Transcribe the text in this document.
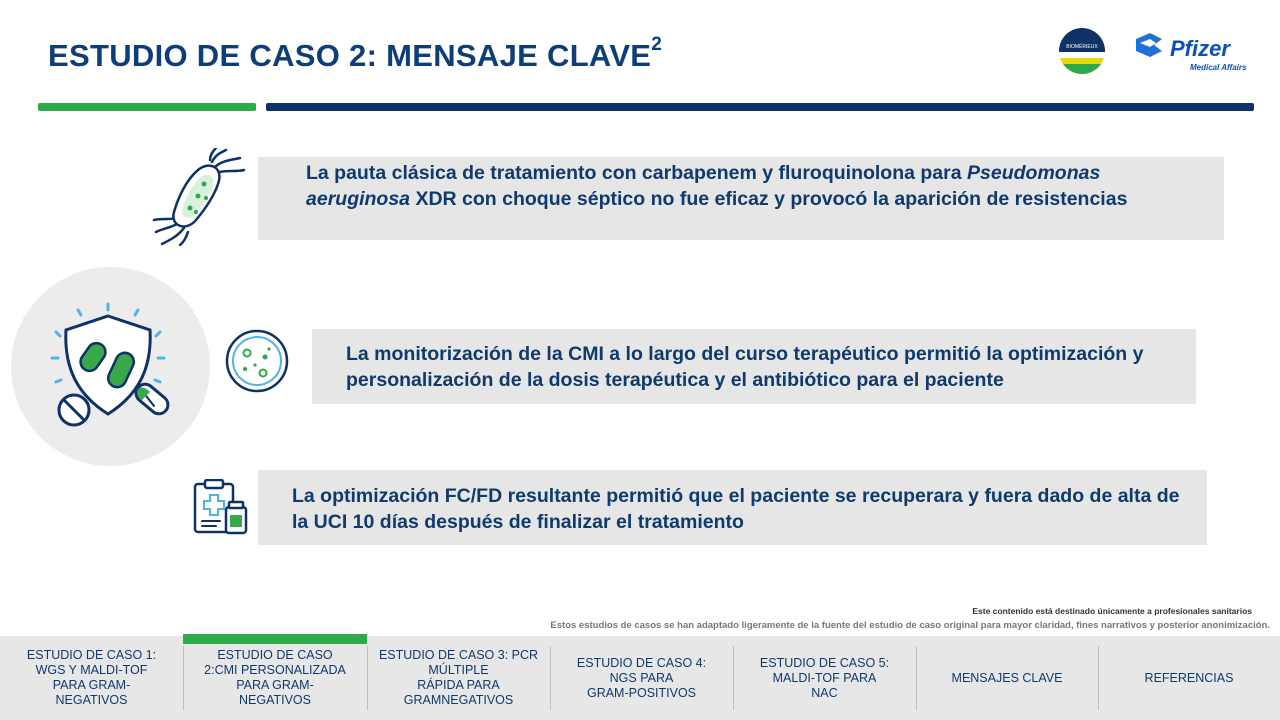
ESTUDIO DE CASO 2: MENSAJE CLAVE$^2$	BIOMÉRIEUX	Pfizer
Medical Affairs

La pauta clásica de tratamiento con carbapenem y fluroquinolona para Pseudomonas aeruginosa XDR con choque séptico no fue eficaz y provocó la aparición de resistencias

La monitorización de la CMI a lo largo del curso terapéutico permitió la optimización y personalización de la dosis terapéutica y el antibiótico para el paciente

La optimización FC/FD resultante permitió que el paciente se recuperara y fuera dado de alta de la UCI 10 días después de finalizar el tratamiento

Este contenido está destinado únicamente a profesionales sanitarios
Estos estudios de casos se han adaptado ligeramente de la fuente del estudio de caso original para mayor claridad, fines narrativos y posterior anonimización.
ESTUDIO DE CASO 1:
WGS Y MALDI-TOF
PARA GRAM-
NEGATIVOS
ESTUDIO DE CASO
2:CMI PERSONALIZADA
PARA GRAM-
NEGATIVOS
ESTUDIO DE CASO 3: PCR
MÚLTIPLE
RÁPIDA PARA
GRAMNEGATIVOS
ESTUDIO DE CASO 4:
NGS PARA
GRAM-POSITIVOS
ESTUDIO DE CASO 5:
MALDI-TOF PARA
NAC
MENSAJES CLAVE	REFERENCIAS
